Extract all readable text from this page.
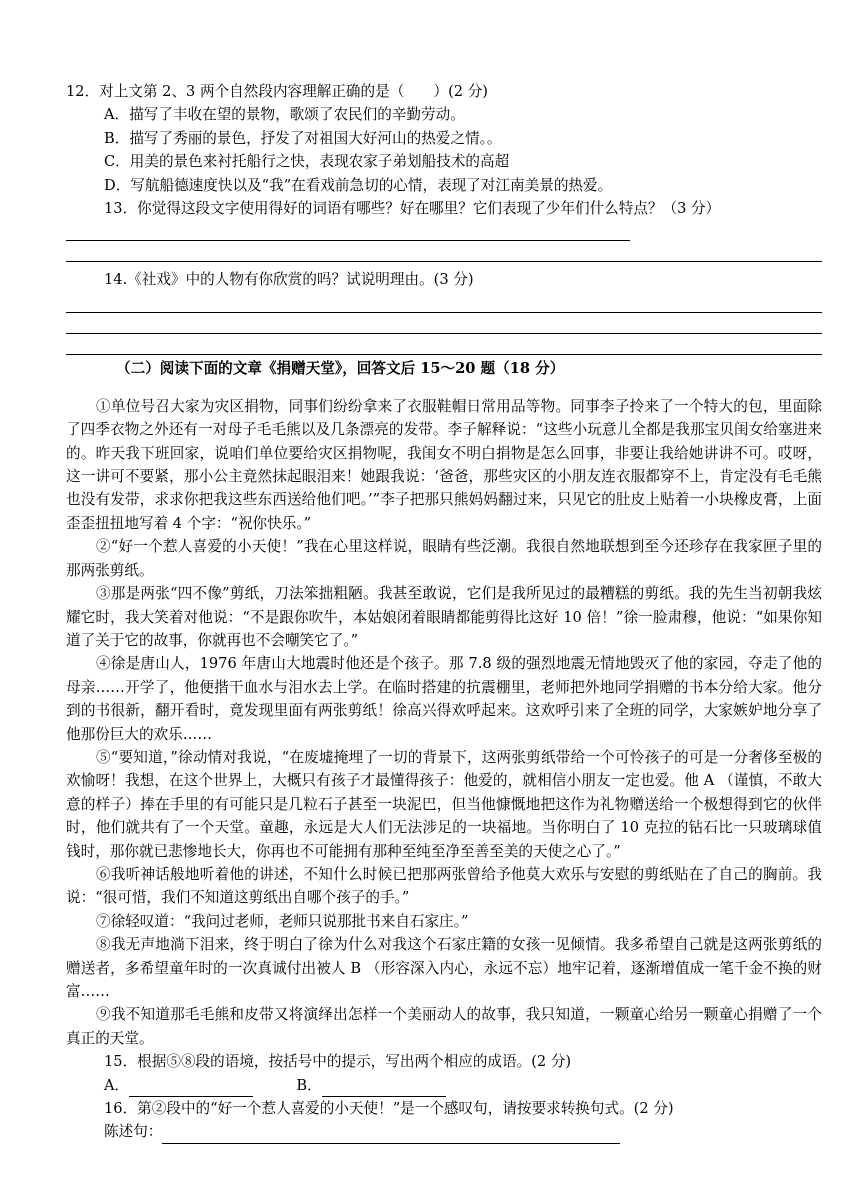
12．对上文第 2、3 两个自然段内容理解正确的是（　　）(2 分)

A．描写了丰收在望的景物，歌颂了农民们的辛勤劳动。

B．描写了秀丽的景色，抒发了对祖国大好河山的热爱之情。。

C．用美的景色来衬托船行之快，表现农家子弟划船技术的高超

D．写航船德速度快以及“我”在看戏前急切的心情，表现了对江南美景的热爱。

13．你觉得这段文字使用得好的词语有哪些？好在哪里？它们表现了少年们什么特点？（3 分）

14.《社戏》中的人物有你欣赏的吗？试说明理由。(3 分)

（二）阅读下面的文章《捐赠天堂》，回答文后 15～20 题（18 分）

①单位号召大家为灾区捐物，同事们纷纷拿来了衣服鞋帽日常用品等物。同事李子拎来了一个特大的包，里面除了四季衣物之外还有一对母子毛毛熊以及几条漂亮的发带。李子解释说：“这些小玩意儿全都是我那宝贝闺女给塞进来的。昨天我下班回家，说咱们单位要给灾区捐物呢，我闺女不明白捐物是怎么回事，非要让我给她讲讲不可。哎呀，这一讲可不要紧，那小公主竟然抹起眼泪来！她跟我说：‘爸爸，那些灾区的小朋友连衣服都穿不上，肯定没有毛毛熊也没有发带，求求你把我这些东西送给他们吧。’”李子把那只熊妈妈翻过来，只见它的肚皮上贴着一小块橡皮膏，上面歪歪扭扭地写着 4 个字：“祝你快乐。”

②“好一个惹人喜爱的小天使！”我在心里这样说，眼睛有些泛潮。我很自然地联想到至今还珍存在我家匣子里的那两张剪纸。

③那是两张“四不像”剪纸，刀法笨拙粗陋。我甚至敢说，它们是我所见过的最糟糕的剪纸。我的先生当初朝我炫耀它时，我大笑着对他说：“不是跟你吹牛，本姑娘闭着眼睛都能剪得比这好 10 倍！”徐一脸肃穆，他说：“如果你知道了关于它的故事，你就再也不会嘲笑它了。”

④徐是唐山人，1976 年唐山大地震时他还是个孩子。那 7.8 级的强烈地震无情地毁灭了他的家园，夺走了他的母亲……开学了，他便揩干血水与泪水去上学。在临时搭建的抗震棚里，老师把外地同学捐赠的书本分给大家。他分到的书很新，翻开看时，竟发现里面有两张剪纸！徐高兴得欢呼起来。这欢呼引来了全班的同学，大家嫉妒地分享了他那份巨大的欢乐……

⑤“要知道，”徐动情对我说，“在废墟掩埋了一切的背景下，这两张剪纸带给一个可怜孩子的可是一分奢侈至极的欢愉呀！我想，在这个世界上，大概只有孩子才最懂得孩子：他爱的，就相信小朋友一定也爱。他 A （谨慎，不敢大意的样子）捧在手里的有可能只是几粒石子甚至一块泥巴，但当他慷慨地把这作为礼物赠送给一个极想得到它的伙伴时，他们就共有了一个天堂。童趣，永远是大人们无法涉足的一块福地。当你明白了 10 克拉的钻石比一只玻璃球值钱时，那你就已悲惨地长大，你再也不可能拥有那种至纯至净至善至美的天使之心了。”

⑥我听神话般地听着他的讲述，不知什么时候已把那两张曾给予他莫大欢乐与安慰的剪纸贴在了自己的胸前。我说：“很可惜，我们不知道这剪纸出自哪个孩子的手。”

⑦徐轻叹道：“我问过老师，老师只说那批书来自石家庄。”

⑧我无声地淌下泪来，终于明白了徐为什么对我这个石家庄籍的女孩一见倾情。我多希望自己就是这两张剪纸的赠送者，多希望童年时的一次真诚付出被人 B （形容深入内心，永远不忘）地牢记着，逐渐增值成一笔千金不换的财富……

⑨我不知道那毛毛熊和皮带又将演绎出怎样一个美丽动人的故事，我只知道，一颗童心给另一颗童心捐赠了一个真正的天堂。

15．根据⑤⑧段的语境，按括号中的提示，写出两个相应的成语。(2 分)

A．	B．

16．第②段中的“好一个惹人喜爱的小天使！”是一个感叹句，请按要求转换句式。(2 分)

陈述句：
